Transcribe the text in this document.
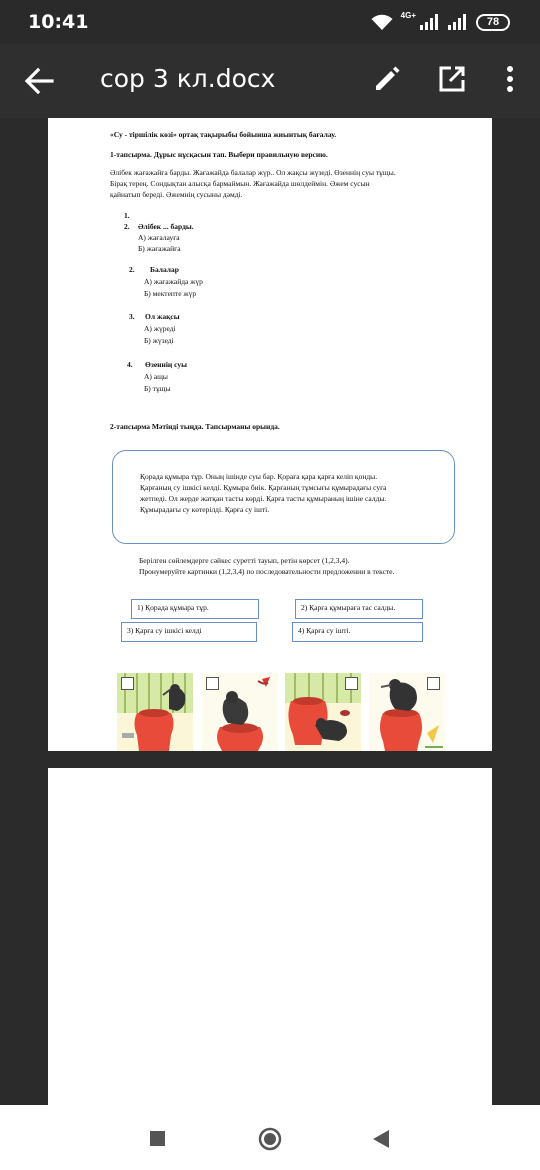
10:41	4G+	78
сор 3 кл.docx
«Су - тіршілік көзі» ортақ тақырыбы бойынша жиынтық бағалау.
1-тапсырма. Дұрыс нұсқасын тап. Выбери правильную версию.
Әлібек жағажайға барды. Жағажайда балалар жүр.. Ол жақсы жүзеді. Өзеннің суы тұщы.
Бірақ терең. Сондықтан алысқа бармаймын. Жағажайда шөлдеймін. Әжем сусын
қайнатып береді. Әжемнің сусыны дәмді.
1.
2. Әлібек ... барды.
А) жағалауға
Б) жағажайға
2. Балалар
А) жағажайда жүр
Б) мектепте жүр
3. Ол жақсы
А) жүреді
Б) жүзеді
4. Өзеннің суы
А) ащы
Б) тұщы
2-тапсырма Мәтінді тыңда. Тапсырманы орында.
Қорада құмыра тұр. Оның ішінде суы бар. Қораға қара қарға келіп қонды.
Қарғаның су ішкісі келді. Құмыра биік. Қарғаның тұмсығы құмырадағы суға
жетпеді. Ол жерде жатқан тасты көрді. Қарға тасты құмыраның ішіне салды.
Құмырадағы су көтерілді. Қарға су ішті.
Берілген сөйлемдерге сәйкес суретті тауып, ретін көрсет (1,2,3,4).
Пронумеруйте картинки (1,2,3,4) по последовательности предложении в тексте.
1) Қорада құмыра тұр.	2) Қарға құмыраға тас салды.
3) Қарға су ішкісі келді	4) Қарға су ішті.
